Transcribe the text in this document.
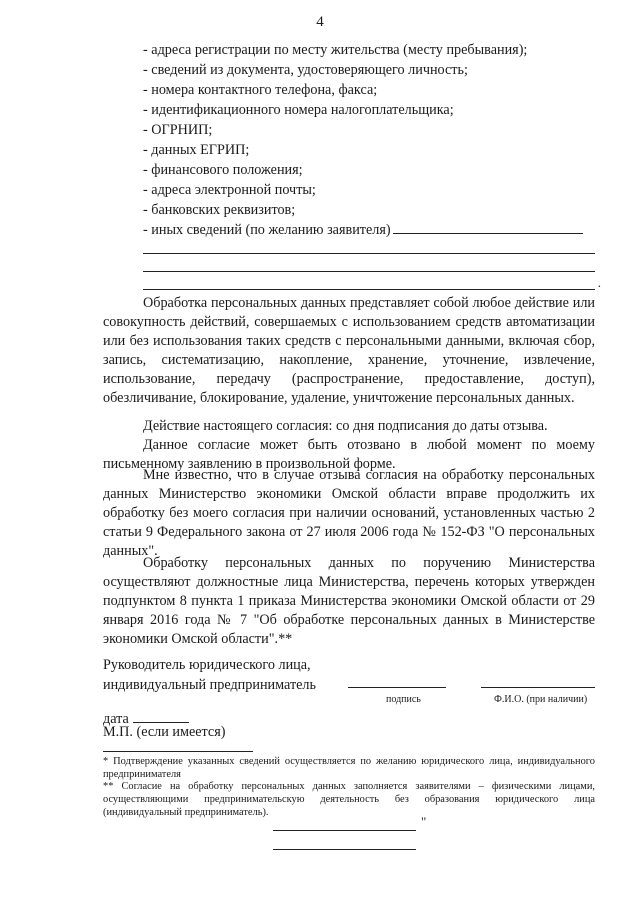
4
- адреса регистрации по месту жительства (месту пребывания);
- сведений из документа, удостоверяющего личность;
- номера контактного телефона, факса;
- идентификационного номера налогоплательщика;
- ОГРНИП;
- данных ЕГРИП;
- финансового положения;
- адреса электронной почты;
- банковских реквизитов;
- иных сведений (по желанию заявителя)
.
Обработка персональных данных представляет собой любое действие или совокупность действий, совершаемых с использованием средств автоматизации или без использования таких средств с персональными данными, включая сбор, запись, систематизацию, накопление, хранение, уточнение, извлечение, использование, передачу (распространение, предоставление, доступ), обезличивание, блокирование, удаление, уничтожение персональных данных.
Действие настоящего согласия: со дня подписания до даты отзыва.
Данное согласие может быть отозвано в любой момент по моему письменному заявлению в произвольной форме.
Мне известно, что в случае отзыва согласия на обработку персональных данных Министерство экономики Омской области вправе продолжить их обработку без моего согласия при наличии оснований, установленных частью 2 статьи 9 Федерального закона от 27 июля 2006 года № 152-ФЗ "О персональных данных".
Обработку персональных данных по поручению Министерства осуществляют должностные лица Министерства, перечень которых утвержден подпунктом 8 пункта 1 приказа Министерства экономики Омской области от 29 января 2016 года № 7 "Об обработке персональных данных в Министерстве экономики Омской области".**
Руководитель юридического лица,
индивидуальный предприниматель
подпись	Ф.И.О. (при наличии)
дата
М.П. (если имеется)
* Подтверждение указанных сведений осуществляется по желанию юридического лица, индивидуального предпринимателя
** Согласие на обработку персональных данных заполняется заявителями – физическими лицами, осуществляющими предпринимательскую деятельность без образования юридического лица (индивидуальный предприниматель).
"
